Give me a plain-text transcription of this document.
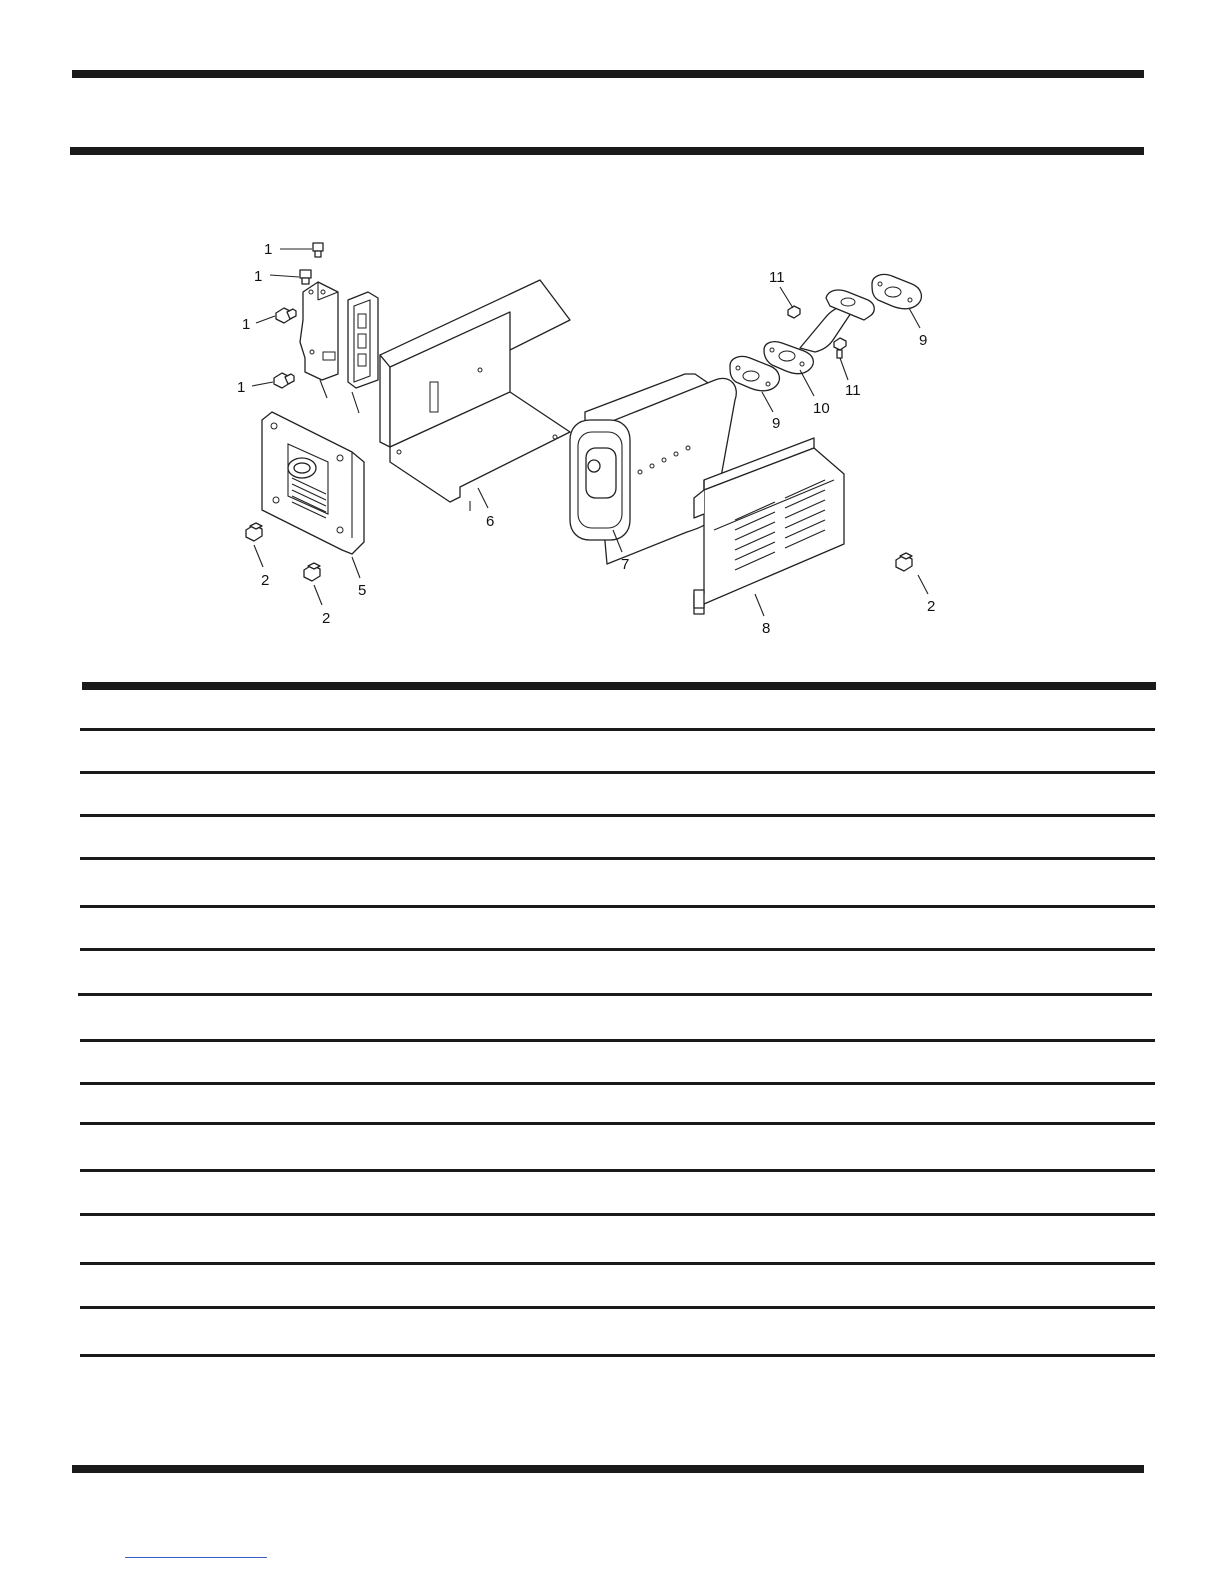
1
1
1
1
2
2
2
5
6
7
8
9
9
10
11
11
